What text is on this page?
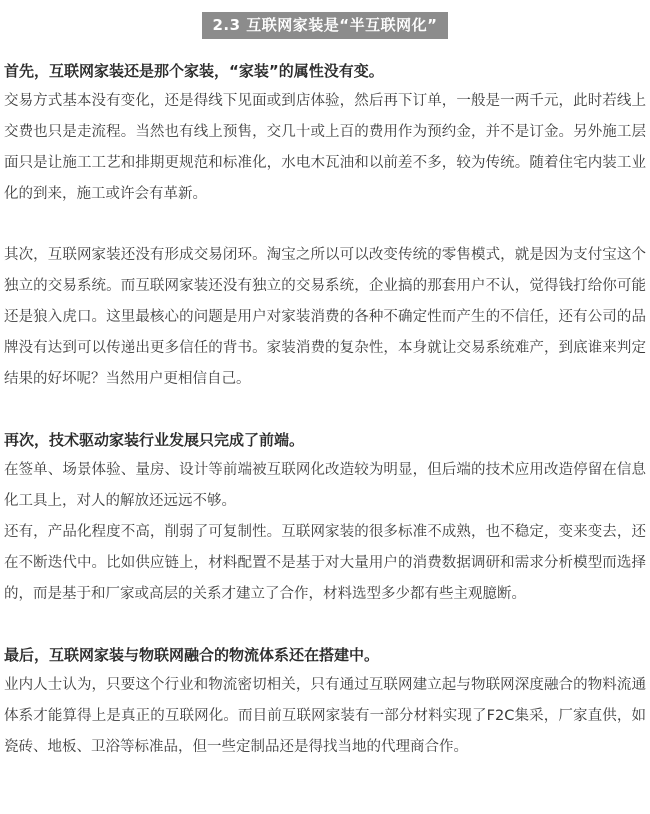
2.3 互联网家装是“半互联网化”

首先，互联网家装还是那个家装，“家装”的属性没有变。

交易方式基本没有变化，还是得线下见面或到店体验，然后再下订单，一般是一两千元，此时若线上交费也只是走流程。当然也有线上预售，交几十或上百的费用作为预约金，并不是订金。另外施工层面只是让施工工艺和排期更规范和标准化，水电木瓦油和以前差不多，较为传统。随着住宅内装工业化的到来，施工或许会有革新。

其次，互联网家装还没有形成交易闭环。淘宝之所以可以改变传统的零售模式，就是因为支付宝这个独立的交易系统。而互联网家装还没有独立的交易系统，企业搞的那套用户不认，觉得钱打给你可能还是狼入虎口。这里最核心的问题是用户对家装消费的各种不确定性而产生的不信任，还有公司的品牌没有达到可以传递出更多信任的背书。家装消费的复杂性，本身就让交易系统难产，到底谁来判定结果的好坏呢？当然用户更相信自己。

再次，技术驱动家装行业发展只完成了前端。

在签单、场景体验、量房、设计等前端被互联网化改造较为明显，但后端的技术应用改造停留在信息化工具上，对人的解放还远远不够。

还有，产品化程度不高，削弱了可复制性。互联网家装的很多标准不成熟，也不稳定，变来变去，还在不断迭代中。比如供应链上，材料配置不是基于对大量用户的消费数据调研和需求分析模型而选择的，而是基于和厂家或高层的关系才建立了合作，材料选型多少都有些主观臆断。

最后，互联网家装与物联网融合的物流体系还在搭建中。

业内人士认为，只要这个行业和物流密切相关，只有通过互联网建立起与物联网深度融合的物料流通体系才能算得上是真正的互联网化。而目前互联网家装有一部分材料实现了F2C集采，厂家直供，如瓷砖、地板、卫浴等标准品，但一些定制品还是得找当地的代理商合作。
